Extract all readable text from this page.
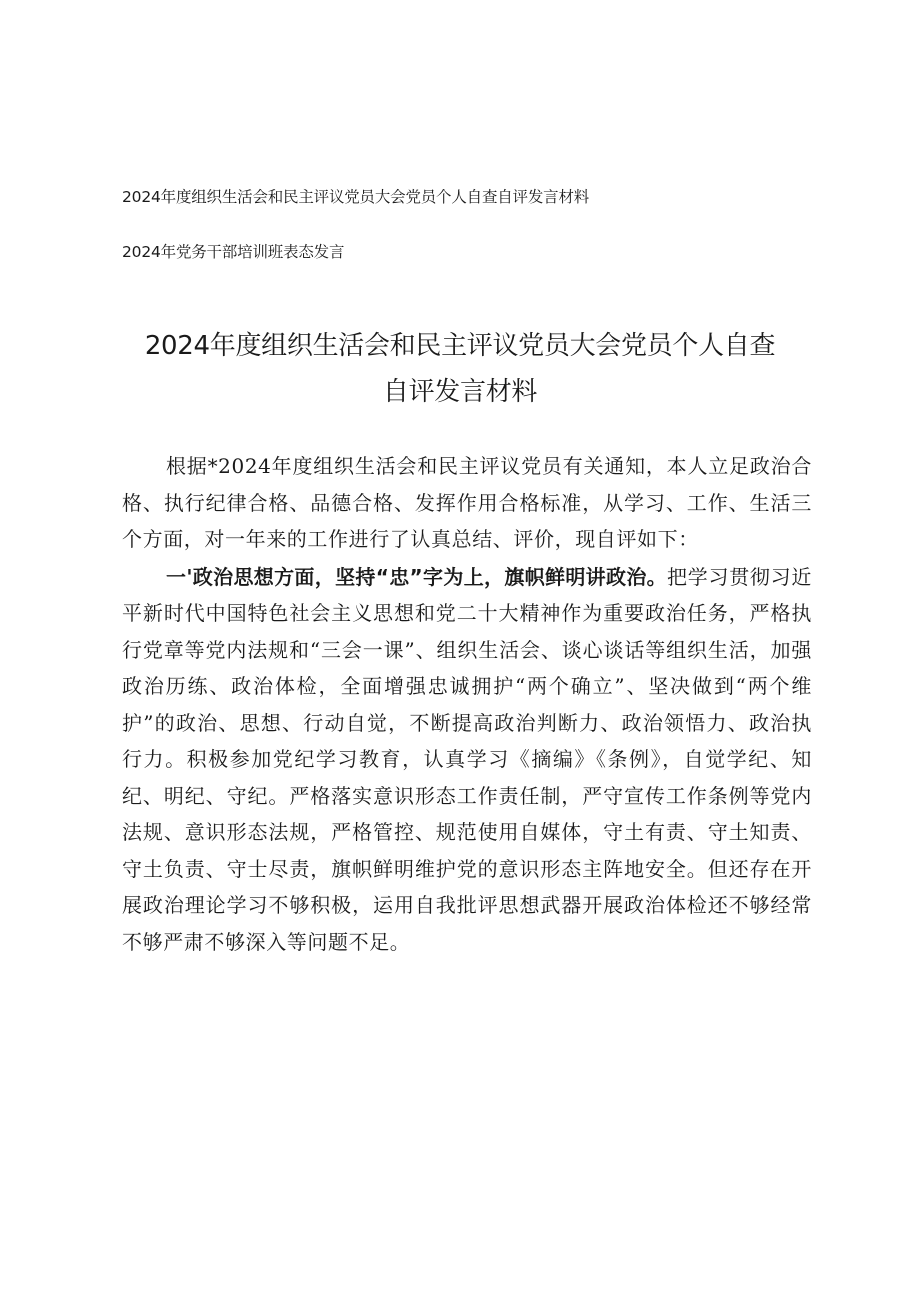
2024年度组织生活会和民主评议党员大会党员个人自查自评发言材料
2024年党务干部培训班表态发言
2024年度组织生活会和民主评议党员大会党员个人自查
自评发言材料

根据*2024年度组织生活会和民主评议党员有关通知，本人立足政治合格、执行纪律合格、品德合格、发挥作用合格标准，从学习、工作、生活三个方面，对一年来的工作进行了认真总结、评价，现自评如下：

一'政治思想方面，坚持“忠”字为上，旗帜鲜明讲政治。把学习贯彻习近平新时代中国特色社会主义思想和党二十大精神作为重要政治任务，严格执行党章等党内法规和“三会一课”、组织生活会、谈心谈话等组织生活，加强政治历练、政治体检，全面增强忠诚拥护“两个确立”、坚决做到“两个维护”的政治、思想、行动自觉，不断提高政治判断力、政治领悟力、政治执行力。积极参加党纪学习教育，认真学习《摘编》《条例》，自觉学纪、知纪、明纪、守纪。严格落实意识形态工作责任制，严守宣传工作条例等党内法规、意识形态法规，严格管控、规范使用自媒体，守土有责、守土知责、守土负责、守士尽责，旗帜鲜明维护党的意识形态主阵地安全。但还存在开展政治理论学习不够积极，运用自我批评思想武器开展政治体检还不够经常不够严肃不够深入等问题不足。
